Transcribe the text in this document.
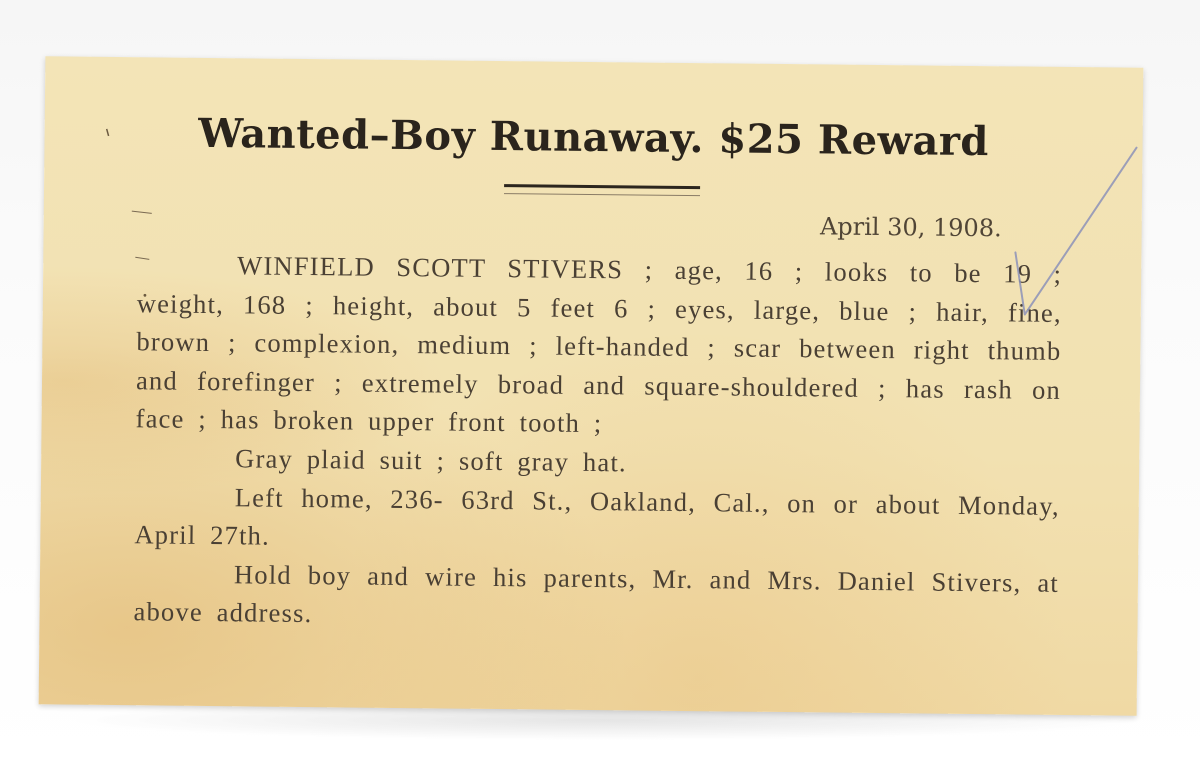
Wanted–Boy Runaway. $25 Reward
April 30, 1908.

WINFIELD SCOTT STIVERS ; age, 16 ; looks to be 19 ; weight, 168 ; height, about 5 feet 6 ; eyes, large, blue ; hair, fine, brown ; complexion, medium ; left-handed ; scar between right thumb and forefinger ; extremely broad and square-shouldered ; has rash on face ; has broken upper front tooth ;

Gray plaid suit ; soft gray hat.

Left home, 236- 63rd St., Oakland, Cal., on or about Monday, April 27th.

Hold boy and wire his parents, Mr. and Mrs. Daniel Stivers, at above address.
